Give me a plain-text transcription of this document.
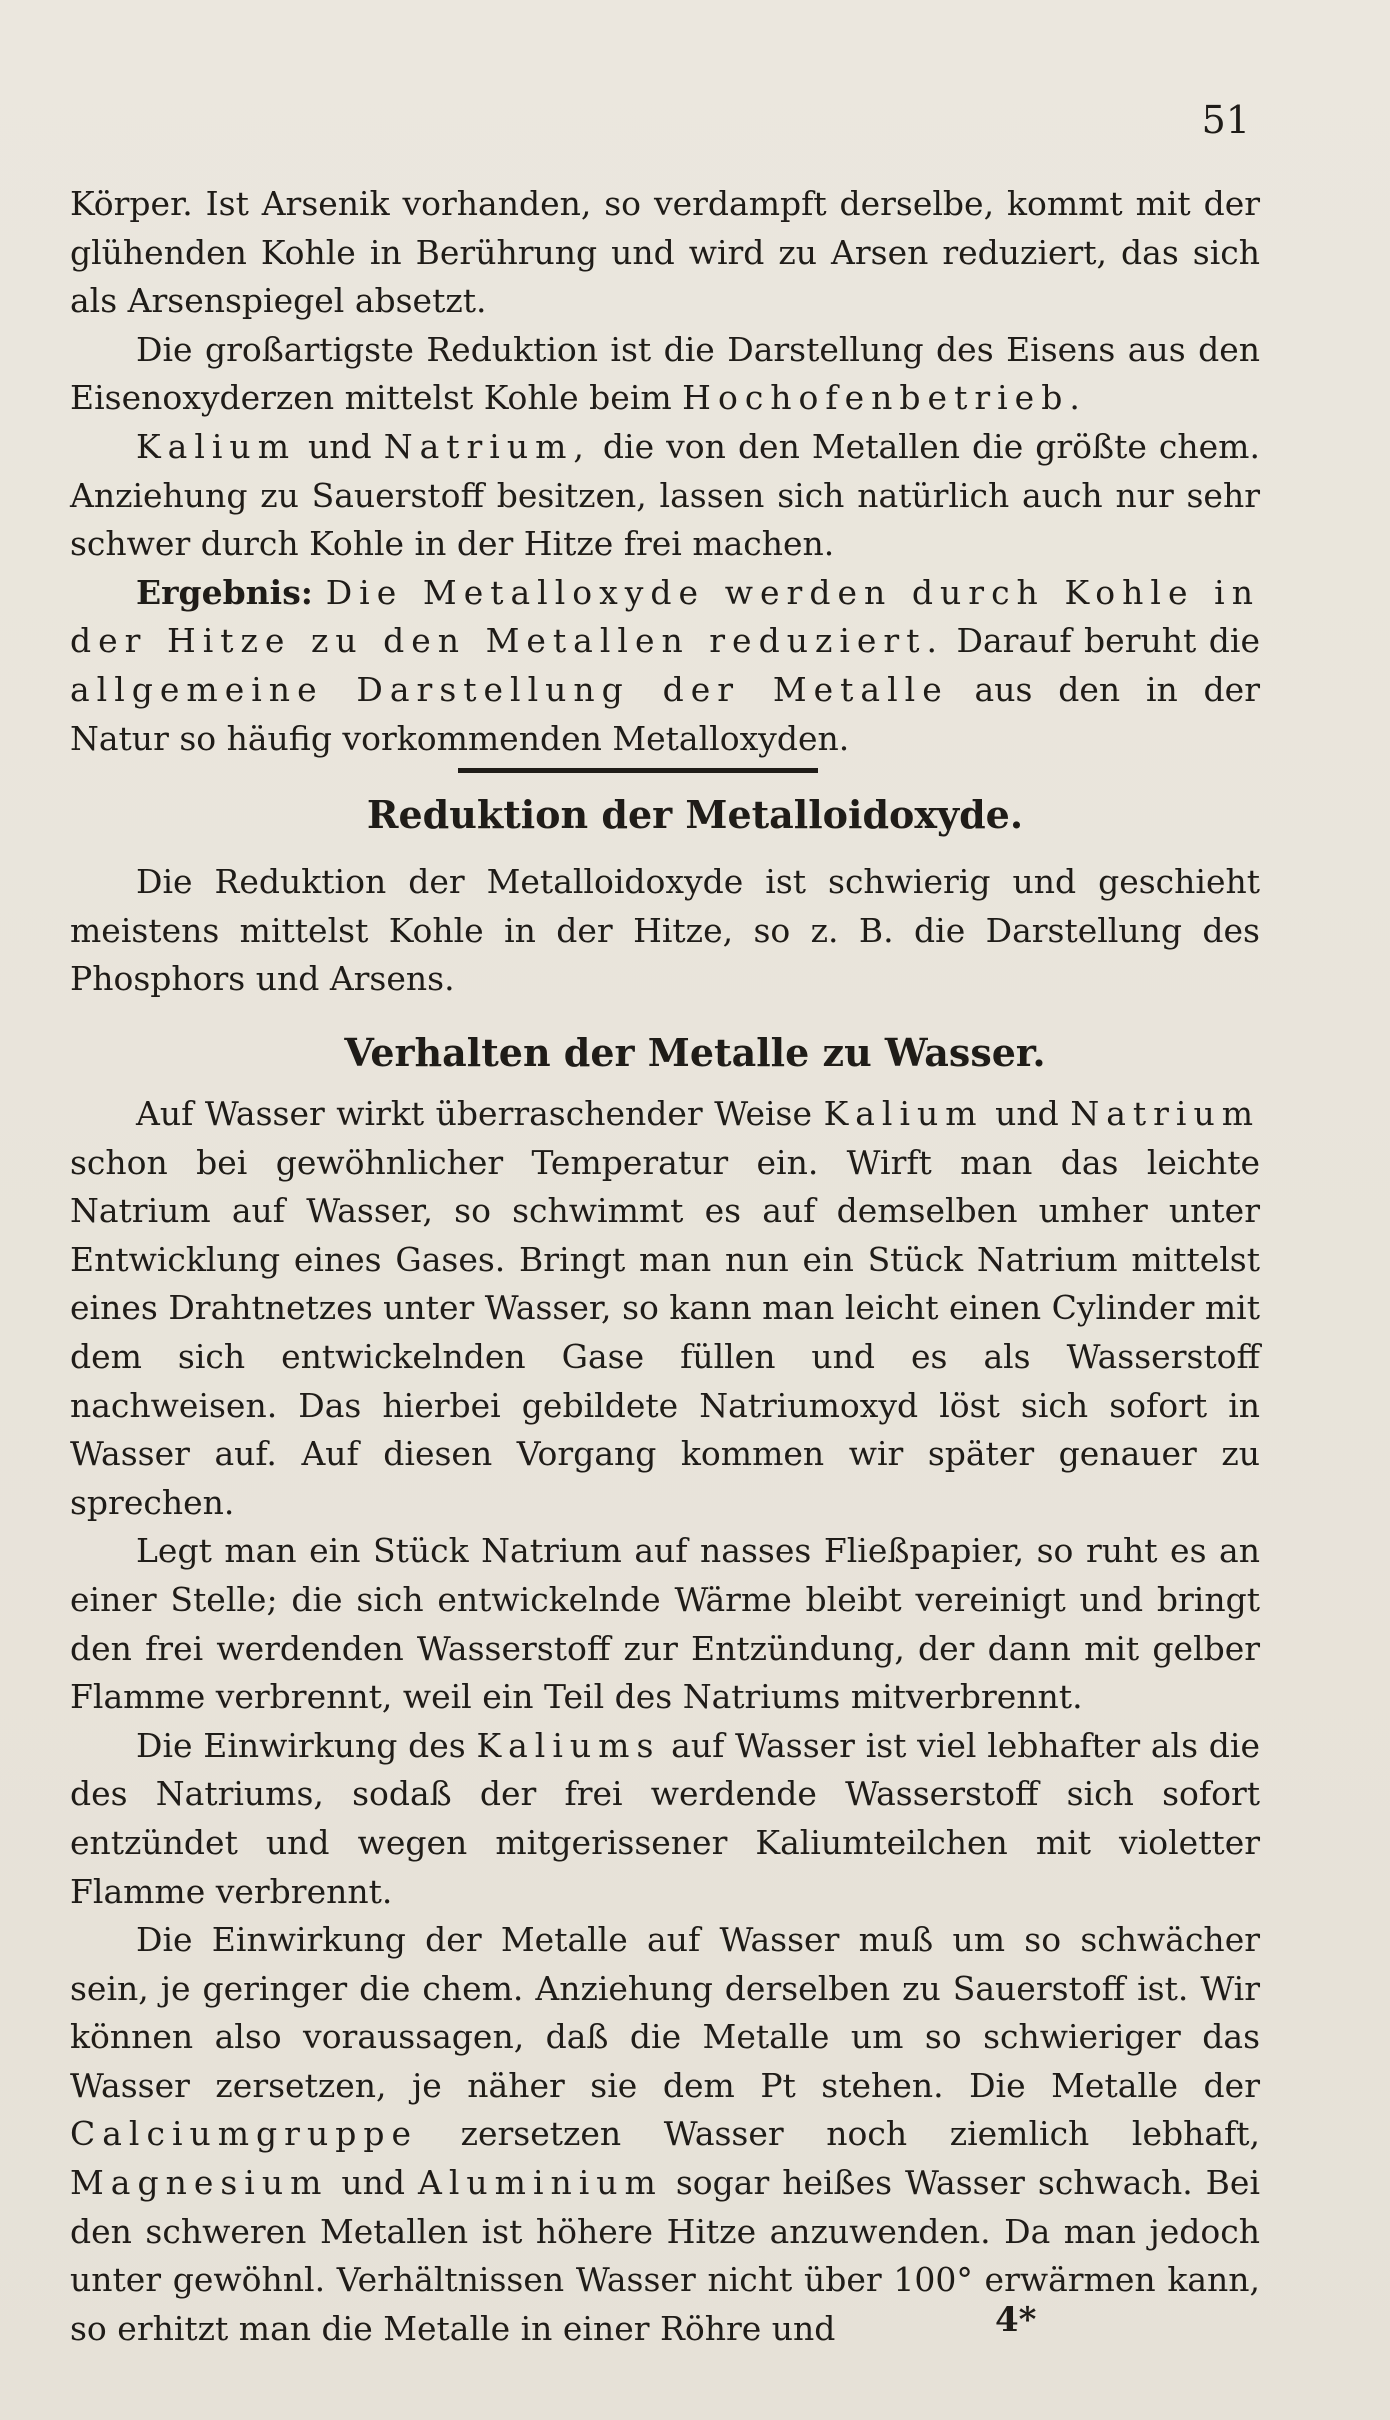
51

Körper. Ist Arsenik vorhanden, so verdampft derselbe, kommt mit der glühenden Kohle in Berührung und wird zu Arsen reduziert, das sich als Arsenspiegel absetzt.

Die großartigste Reduktion ist die Darstellung des Eisens aus den Eisenoxyderzen mittelst Kohle beim Hochofenbetrieb.

Kalium und Natrium, die von den Metallen die größte chem. Anziehung zu Sauerstoff besitzen, lassen sich natürlich auch nur sehr schwer durch Kohle in der Hitze frei machen.

Ergebnis: Die Metalloxyde werden durch Kohle in der Hitze zu den Metallen reduziert. Darauf beruht die allgemeine Darstellung der Metalle aus den in der Natur so häufig vorkommenden Metalloxyden.

Reduktion der Metalloidoxyde.

Die Reduktion der Metalloidoxyde ist schwierig und geschieht meistens mittelst Kohle in der Hitze, so z. B. die Darstellung des Phosphors und Arsens.

Verhalten der Metalle zu Wasser.

Auf Wasser wirkt überraschender Weise Kalium und Natrium schon bei gewöhnlicher Temperatur ein. Wirft man das leichte Natrium auf Wasser, so schwimmt es auf demselben umher unter Entwicklung eines Gases. Bringt man nun ein Stück Natrium mittelst eines Drahtnetzes unter Wasser, so kann man leicht einen Cylinder mit dem sich entwickelnden Gase füllen und es als Wasserstoff nachweisen. Das hierbei gebildete Natriumoxyd löst sich sofort in Wasser auf. Auf diesen Vorgang kommen wir später genauer zu sprechen.

Legt man ein Stück Natrium auf nasses Fließpapier, so ruht es an einer Stelle; die sich entwickelnde Wärme bleibt vereinigt und bringt den frei werdenden Wasserstoff zur Entzündung, der dann mit gelber Flamme verbrennt, weil ein Teil des Natriums mitverbrennt.

Die Einwirkung des Kaliums auf Wasser ist viel lebhafter als die des Natriums, sodaß der frei werdende Wasserstoff sich sofort entzündet und wegen mitgerissener Kaliumteilchen mit violetter Flamme verbrennt.

Die Einwirkung der Metalle auf Wasser muß um so schwächer sein, je geringer die chem. Anziehung derselben zu Sauerstoff ist. Wir können also voraussagen, daß die Metalle um so schwieriger das Wasser zersetzen, je näher sie dem Pt stehen. Die Metalle der Calciumgruppe zersetzen Wasser noch ziemlich lebhaft, Magnesium und Aluminium sogar heißes Wasser schwach. Bei den schweren Metallen ist höhere Hitze anzuwenden. Da man jedoch unter gewöhnl. Verhältnissen Wasser nicht über 100° erwärmen kann, so erhitzt man die Metalle in einer Röhre und	4*
